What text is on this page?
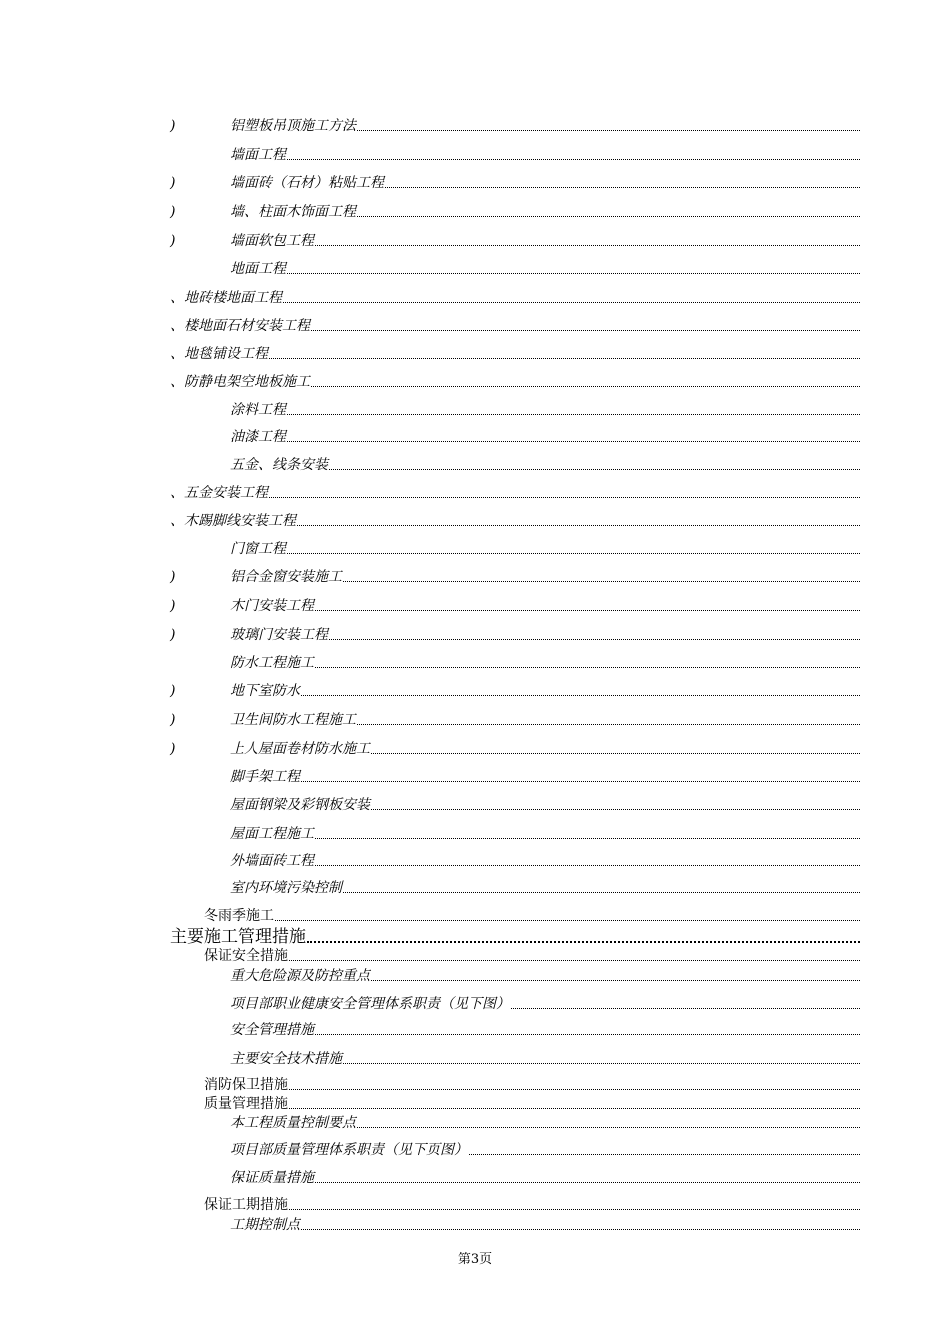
)	铝塑板吊顶施工方法
墙面工程
)	墙面砖（石材）粘贴工程
)	墙、柱面木饰面工程
)	墙面软包工程
地面工程
、 地砖楼地面工程
、 楼地面石材安装工程
、 地毯铺设工程
、 防静电架空地板施工
涂料工程
油漆工程
五金、线条安装
、 五金安装工程
、 木踢脚线安装工程
门窗工程
)	铝合金窗安装施工
)	木门安装工程
)	玻璃门安装工程
防水工程施工
)	地下室防水
)	卫生间防水工程施工
)	上人屋面卷材防水施工
脚手架工程
屋面钢梁及彩钢板安装
屋面工程施工
外墙面砖工程
室内环境污染控制
冬雨季施工
主要施工管理措施
保证安全措施
重大危险源及防控重点
项目部职业健康安全管理体系职责（见下图）
安全管理措施
主要安全技术措施
消防保卫措施
质量管理措施
本工程质量控制要点
项目部质量管理体系职责（见下页图）
保证质量措施
保证工期措施
工期控制点
第3页
